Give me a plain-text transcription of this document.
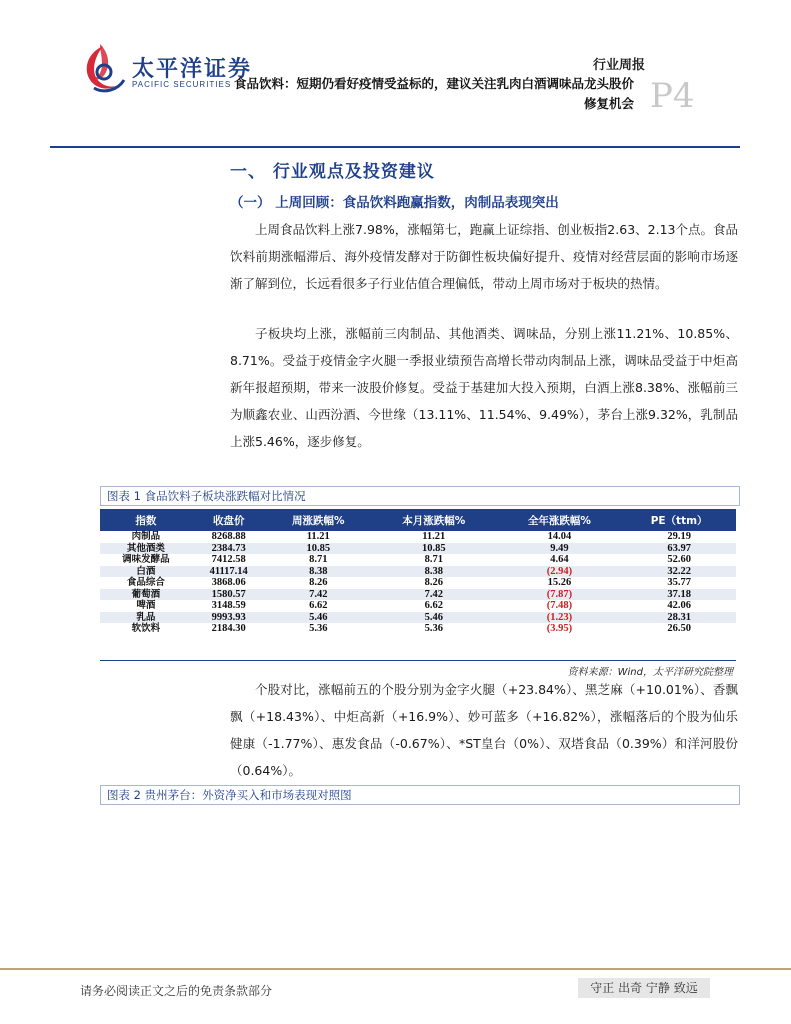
太平洋证券
PACIFIC SECURITIES
行业周报
食品饮料：短期仍看好疫情受益标的，建议关注乳肉白酒调味品龙头股价修复机会 P4
一、 行业观点及投资建议
（一） 上周回顾：食品饮料跑赢指数，肉制品表现突出
上周食品饮料上涨7.98%，涨幅第七，跑赢上证综指、创业板指2.63、2.13个点。食品饮料前期涨幅滞后、海外疫情发酵对于防御性板块偏好提升、疫情对经营层面的影响市场逐渐了解到位，长远看很多子行业估值合理偏低，带动上周市场对于板块的热情。
子板块均上涨，涨幅前三肉制品、其他酒类、调味品，分别上涨11.21%、10.85%、8.71%。受益于疫情金字火腿一季报业绩预告高增长带动肉制品上涨，调味品受益于中炬高新年报超预期，带来一波股价修复。受益于基建加大投入预期，白酒上涨8.38%、涨幅前三为顺鑫农业、山西汾酒、今世缘（13.11%、11.54%、9.49%），茅台上涨9.32%，乳制品上涨5.46%，逐步修复。
图表 1 食品饮料子板块涨跌幅对比情况
指数	收盘价	周涨跌幅%	本月涨跌幅%	全年涨跌幅%	PE（ttm）
肉制品	8268.88	11.21	11.21	14.04	29.19
其他酒类	2384.73	10.85	10.85	9.49	63.97
调味发酵品	7412.58	8.71	8.71	4.64	52.60
白酒	41117.14	8.38	8.38	(2.94)	32.22
食品综合	3868.06	8.26	8.26	15.26	35.77
葡萄酒	1580.57	7.42	7.42	(7.87)	37.18
啤酒	3148.59	6.62	6.62	(7.48)	42.06
乳品	9993.93	5.46	5.46	(1.23)	28.31
软饮料	2184.30	5.36	5.36	(3.95)	26.50
资料来源：Wind，太平洋研究院整理
个股对比，涨幅前五的个股分别为金字火腿（+23.84%）、黑芝麻（+10.01%）、香飘飘（+18.43%）、中炬高新（+16.9%）、妙可蓝多（+16.82%），涨幅落后的个股为仙乐健康（-1.77%）、惠发食品（-0.67%）、*ST皇台（0%）、双塔食品（0.39%）和洋河股份（0.64%）。
图表 2 贵州茅台：外资净买入和市场表现对照图
请务必阅读正文之后的免责条款部分	守正 出奇 宁静 致远
